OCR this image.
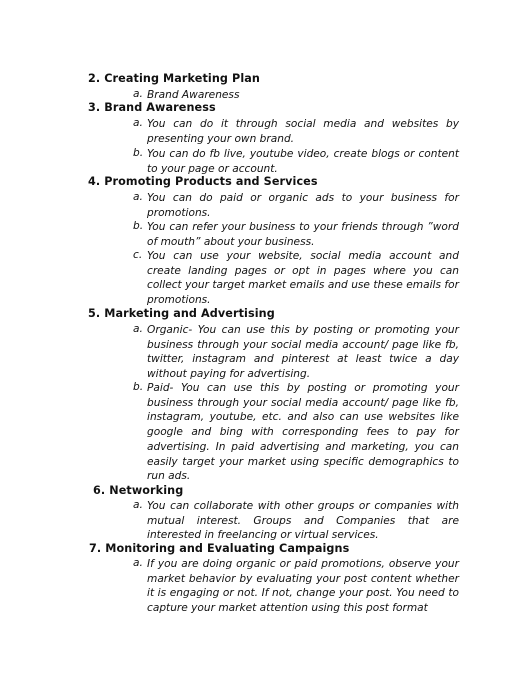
2. Creating Marketing Plan
a. Brand Awareness
3. Brand Awareness
a. You can do it through social media and websites by presenting your own brand.
b. You can do fb live, youtube video, create blogs or content to your page or account.
4. Promoting Products and Services
a. You can do paid or organic ads to your business for promotions.
b. You can refer your business to your friends through ”word of mouth” about your business.
c. You can use your website, social media account and create landing pages or opt in pages where you can collect your target market emails and use these emails for promotions.
5. Marketing and Advertising
a. Organic- You can use this by posting or promoting your business through your social media account/ page like fb, twitter, instagram and pinterest at least twice a day without paying for advertising.
b. Paid- You can use this by posting or promoting your business through your social media account/ page like fb, instagram, youtube, etc. and also can use websites like google and bing with corresponding fees to pay for advertising. In paid advertising and marketing, you can easily target your market using specific demographics to run ads.
6. Networking
a. You can collaborate with other groups or companies with mutual interest. Groups and Companies that are interested in freelancing or virtual services.
7. Monitoring and Evaluating Campaigns
a. If you are doing organic or paid promotions, observe your market behavior by evaluating your post content whether it is engaging or not. If not, change your post. You need to capture your market attention using this post format
